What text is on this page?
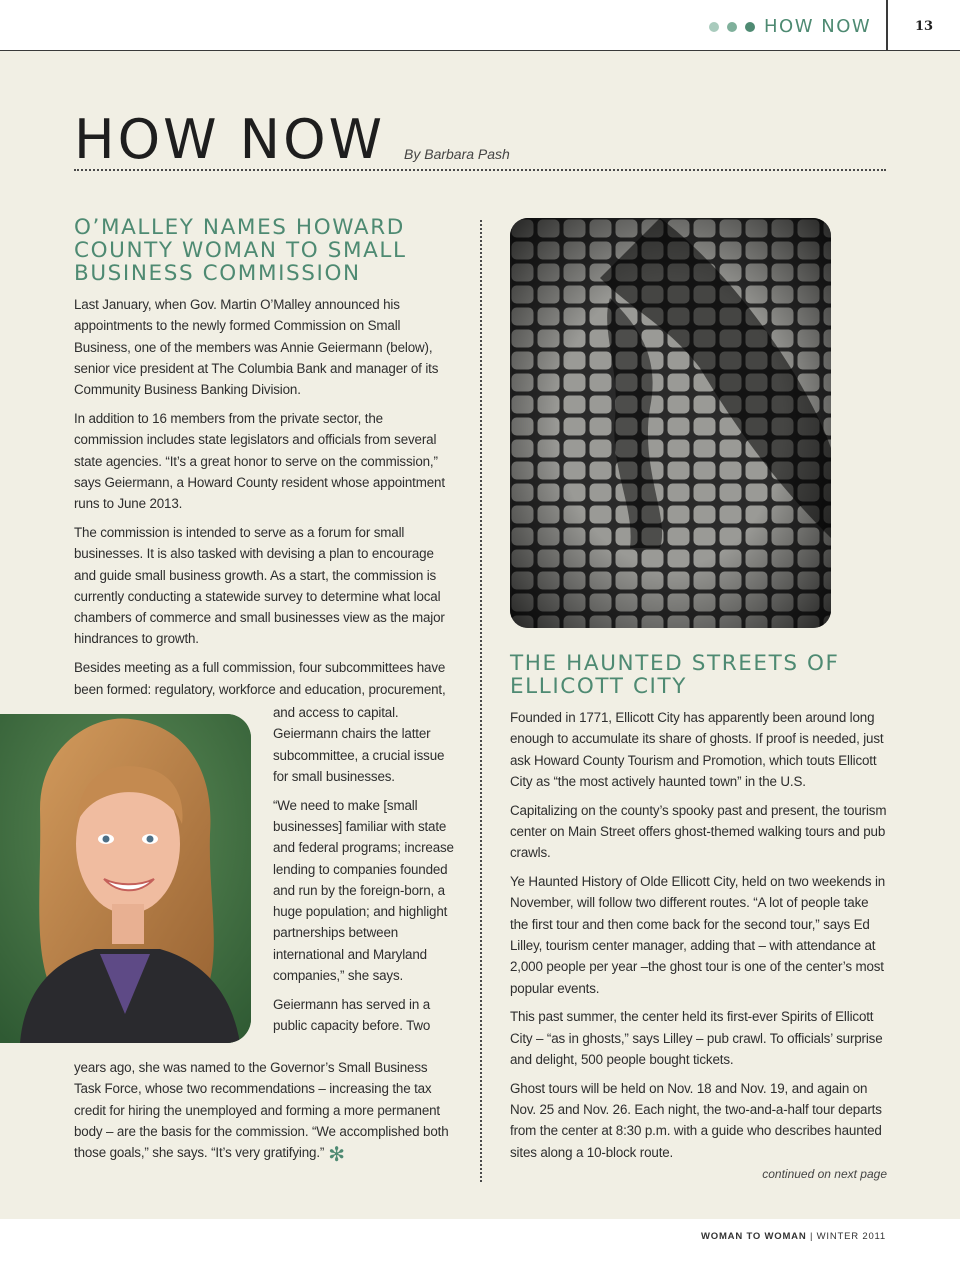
HOW NOW	13
HOW NOW By Barbara Pash
O’MALLEY NAMES HOWARD
COUNTY WOMAN TO SMALL
BUSINESS COMMISSION

Last January, when Gov. Martin O’Malley announced his appointments to the newly formed Commission on Small Business, one of the members was Annie Geiermann (below), senior vice president at The Columbia Bank and manager of its Community Business Banking Division.

In addition to 16 members from the private sector, the commission includes state legislators and officials from several state agencies. “It’s a great honor to serve on the commission,” says Geiermann, a Howard County resident whose appointment runs to June 2013.

The commission is intended to serve as a forum for small businesses. It is also tasked with devising a plan to encourage and guide small business growth. As a start, the commission is currently conducting a statewide survey to determine what local chambers of commerce and small businesses view as the major hindrances to growth.

Besides meeting as a full commission, four subcommittees have been formed: regulatory, workforce and education, procurement,

and access to capital. Geiermann chairs the latter subcommittee, a crucial issue for small businesses.

“We need to make [small businesses] familiar with state and federal programs; increase lending to companies founded and run by the foreign-born, a huge population; and highlight partnerships between international and Maryland companies,” she says.

Geiermann has served in a public capacity before. Two

years ago, she was named to the Governor’s Small Business Task Force, whose two recommendations – increasing the tax credit for hiring the unemployed and forming a more permanent body – are the basis for the commission. “We accomplished both those goals,” she says. “It’s very gratifying.” ✻

THE HAUNTED STREETS OF
ELLICOTT CITY

Founded in 1771, Ellicott City has apparently been around long enough to accumulate its share of ghosts. If proof is needed, just ask Howard County Tourism and Promotion, which touts Ellicott City as “the most actively haunted town” in the U.S.

Capitalizing on the county’s spooky past and present, the tourism center on Main Street offers ghost-themed walking tours and pub crawls.

Ye Haunted History of Olde Ellicott City, held on two weekends in November, will follow two different routes. “A lot of people take the first tour and then come back for the second tour,” says Ed Lilley, tourism center manager, adding that – with attendance at 2,000 people per year –the ghost tour is one of the center’s most popular events.

This past summer, the center held its first-ever Spirits of Ellicott City – “as in ghosts,” says Lilley – pub crawl. To officials’ surprise and delight, 500 people bought tickets.

Ghost tours will be held on Nov. 18 and Nov. 19, and again on Nov. 25 and Nov. 26. Each night, the two-and-a-half tour departs from the center at 8:30 p.m. with a guide who describes haunted sites along a 10-block route.

continued on next page
WOMAN TO WOMAN | WINTER 2011
